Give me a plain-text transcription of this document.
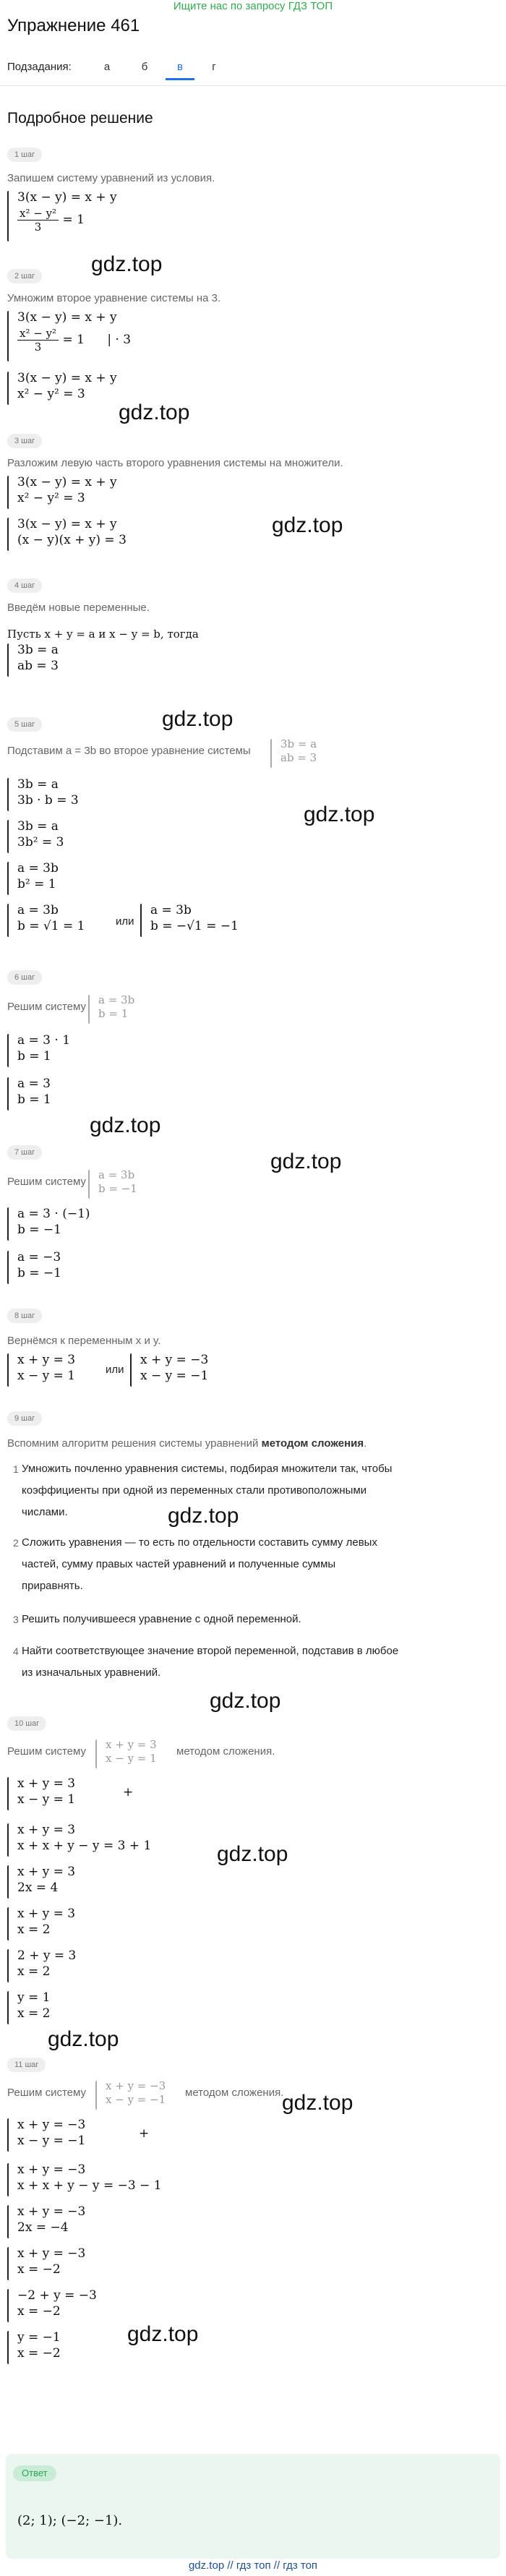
Ищите нас по запросу ГДЗ ТОП
Упражнение 461
Подзадания:	а	б	в	г
Подробное решение
1 шаг
Запишем систему уравнений из условия.
3(x − y) = x + y
$\frac{\text{x² − y²}}{3} = 1$
2 шаг
Умножим второе уравнение системы на 3.
gdz.top
3(x − y) = x + y
$\frac{\text{x² − y²}}{3} = 1$ | · 3
3(x − y) = x + y
x² − y² = 3
gdz.top
3 шаг
Разложим левую часть второго уравнения системы на множители.
3(x − y) = x + y
x² − y² = 3
gdz.top
3(x − y) = x + y
(x − y)(x + y) = 3
4 шаг
Введём новые переменные.
Пусть x + y = a и x − y = b, тогда
3b = a
ab = 3
gdz.top
5 шаг
Подставим a = 3b во второе уравнение системы
3b = a
ab = 3
3b = a
3b · b = 3
gdz.top
3b = a
3b² = 3
a = 3b
b² = 1
a = 3b
b = √1 = 1	или
a = 3b
b = −√1 = −1
6 шаг
Решим систему
a = 3b
b = 1
a = 3 · 1
b = 1
a = 3
b = 1
gdz.top
7 шаг	gdz.top
Решим систему
a = 3b
b = −1
a = 3 · (−1)
b = −1
a = −3
b = −1
8 шаг
Вернёмся к переменным x и y.
x + y = 3
x − y = 1	или
x + y = −3
x − y = −1
9 шаг
Вспомним алгоритм решения системы уравнений методом сложения.
1 Умножить почленно уравнения системы, подбирая множители так, чтобы
коэффициенты при одной из переменных стали противоположными
числами.	gdz.top
2 Сложить уравнения — то есть по отдельности составить сумму левых
частей, сумму правых частей уравнений и полученные суммы
приравнять.
3 Решить получившееся уравнение с одной переменной.
4 Найти соответствующее значение второй переменной, подставив в любое
из изначальных уравнений.
gdz.top
10 шаг
Решим систему
x + y = 3
x − y = 1
методом сложения.
x + y = 3
x − y = 1	+
x + y = 3
x + x + y − y = 3 + 1	gdz.top
x + y = 3
2x = 4
x + y = 3
x = 2
2 + y = 3
x = 2
y = 1
x = 2
gdz.top
11 шаг
Решим систему
x + y = −3
x − y = −1
методом сложения.
gdz.top
x + y = −3
x − y = −1	+
x + y = −3
x + x + y − y = −3 − 1
x + y = −3
2x = −4
x + y = −3
x = −2
−2 + y = −3
x = −2
gdz.top
y = −1
x = −2
Ответ
(2; 1); (−2; −1).
gdz.top // гдз топ // гдз топ
